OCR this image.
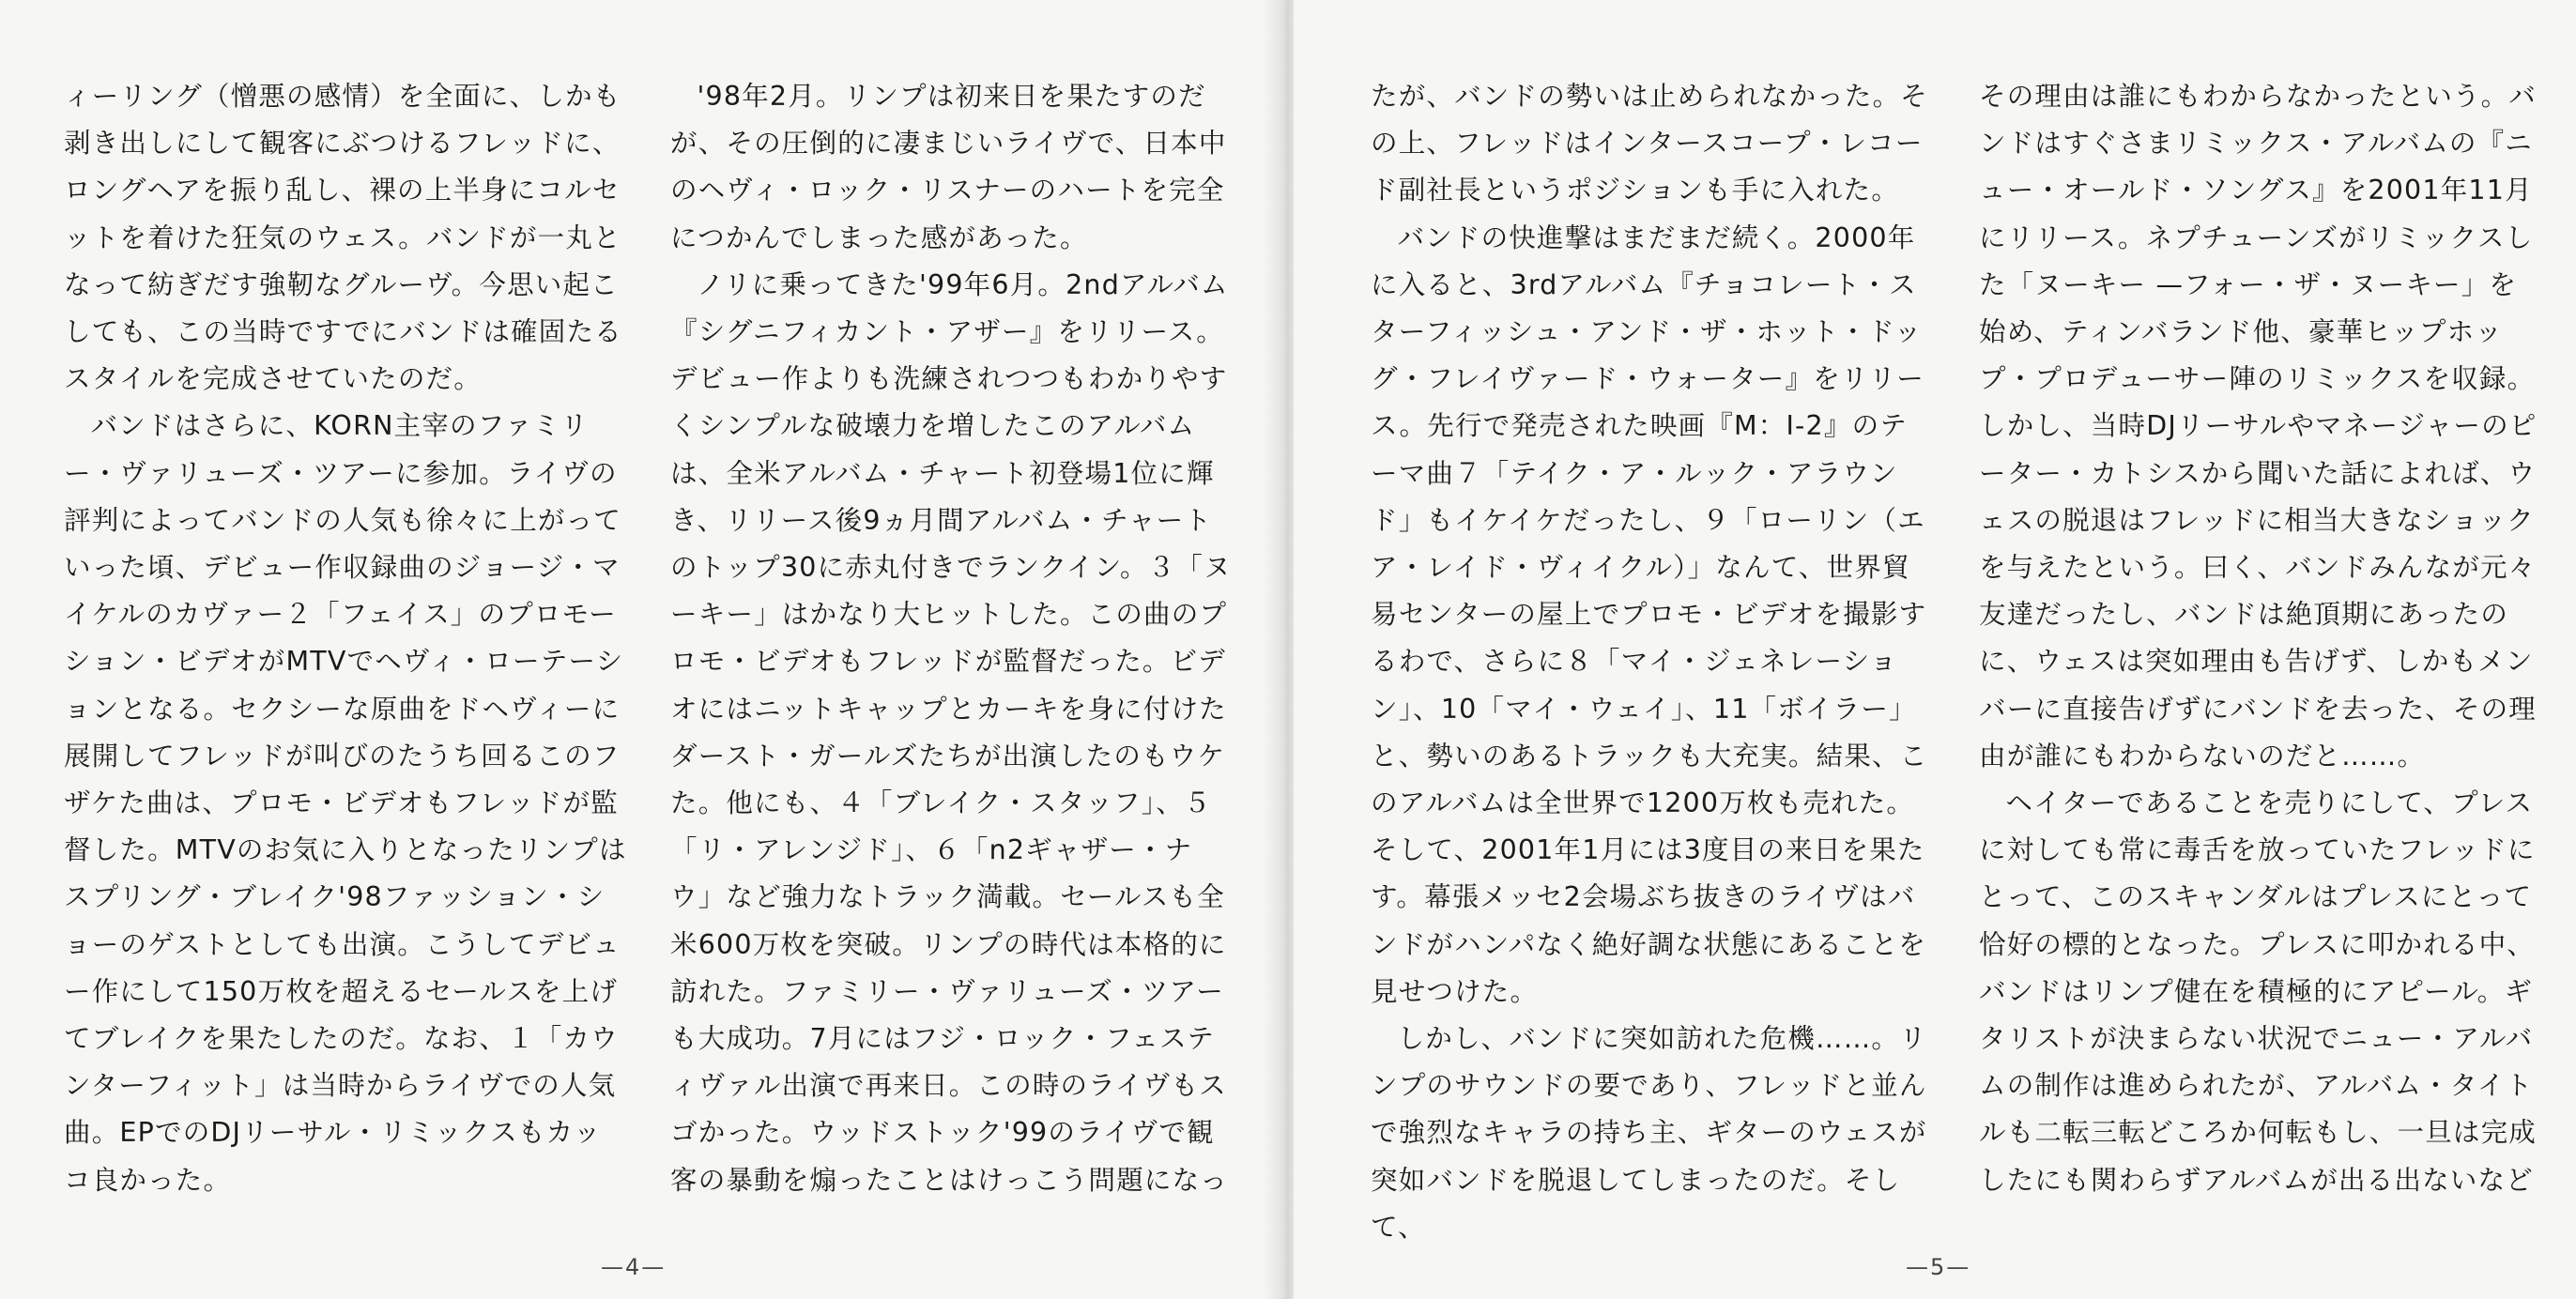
ィーリング（憎悪の感情）を全面に、しかも剥き出しにして観客にぶつけるフレッドに、ロングヘアを振り乱し、裸の上半身にコルセットを着けた狂気のウェス。バンドが一丸となって紡ぎだす強靭なグルーヴ。今思い起こしても、この当時ですでにバンドは確固たるスタイルを完成させていたのだ。

バンドはさらに、KORN主宰のファミリー・ヴァリューズ・ツアーに参加。ライヴの評判によってバンドの人気も徐々に上がっていった頃、デビュー作収録曲のジョージ・マイケルのカヴァー２「フェイス」のプロモーション・ビデオがMTVでヘヴィ・ローテーションとなる。セクシーな原曲をドヘヴィーに展開してフレッドが叫びのたうち回るこのフザケた曲は、プロモ・ビデオもフレッドが監督した。MTVのお気に入りとなったリンプはスプリング・ブレイク'98ファッション・ショーのゲストとしても出演。こうしてデビュー作にして150万枚を超えるセールスを上げてブレイクを果たしたのだ。なお、１「カウンターフィット」は当時からライヴでの人気曲。EPでのDJリーサル・リミックスもカッコ良かった。

'98年2月。リンプは初来日を果たすのだが、その圧倒的に凄まじいライヴで、日本中のヘヴィ・ロック・リスナーのハートを完全につかんでしまった感があった。

ノリに乗ってきた'99年6月。2ndアルバム『シグニフィカント・アザー』をリリース。デビュー作よりも洗練されつつもわかりやすくシンプルな破壊力を増したこのアルバムは、全米アルバム・チャート初登場1位に輝き、リリース後9ヵ月間アルバム・チャートのトップ30に赤丸付きでランクイン。３「ヌーキー」はかなり大ヒットした。この曲のプロモ・ビデオもフレッドが監督だった。ビデオにはニットキャップとカーキを身に付けたダースト・ガールズたちが出演したのもウケた。他にも、４「ブレイク・スタッフ」、５「リ・アレンジド」、６「n2ギャザー・ナウ」など強力なトラック満載。セールスも全米600万枚を突破。リンプの時代は本格的に訪れた。ファミリー・ヴァリューズ・ツアーも大成功。7月にはフジ・ロック・フェスティヴァル出演で再来日。この時のライヴもスゴかった。ウッドストック'99のライヴで観客の暴動を煽ったことはけっこう問題になっ

—4—

たが、バンドの勢いは止められなかった。その上、フレッドはインタースコープ・レコード副社長というポジションも手に入れた。

バンドの快進撃はまだまだ続く。2000年に入ると、3rdアルバム『チョコレート・スターフィッシュ・アンド・ザ・ホット・ドッグ・フレイヴァード・ウォーター』をリリース。先行で発売された映画『M：I-2』のテーマ曲７「テイク・ア・ルック・アラウンド」もイケイケだったし、９「ローリン（エア・レイド・ヴィイクル）」なんて、世界貿易センターの屋上でプロモ・ビデオを撮影するわで、さらに８「マイ・ジェネレーション」、10「マイ・ウェイ」、11「ボイラー」と、勢いのあるトラックも大充実。結果、このアルバムは全世界で1200万枚も売れた。そして、2001年1月には3度目の来日を果たす。幕張メッセ2会場ぶち抜きのライヴはバンドがハンパなく絶好調な状態にあることを見せつけた。

しかし、バンドに突如訪れた危機……。リンプのサウンドの要であり、フレッドと並んで強烈なキャラの持ち主、ギターのウェスが突如バンドを脱退してしまったのだ。そして、

その理由は誰にもわからなかったという。バンドはすぐさまリミックス・アルバムの『ニュー・オールド・ソングス』を2001年11月にリリース。ネプチューンズがリミックスした「ヌーキー —フォー・ザ・ヌーキー」を始め、ティンバランド他、豪華ヒップホップ・プロデューサー陣のリミックスを収録。しかし、当時DJリーサルやマネージャーのピーター・カトシスから聞いた話によれば、ウェスの脱退はフレッドに相当大きなショックを与えたという。曰く、バンドみんなが元々友達だったし、バンドは絶頂期にあったのに、ウェスは突如理由も告げず、しかもメンバーに直接告げずにバンドを去った、その理由が誰にもわからないのだと……。

ヘイターであることを売りにして、プレスに対しても常に毒舌を放っていたフレッドにとって、このスキャンダルはプレスにとって恰好の標的となった。プレスに叩かれる中、バンドはリンプ健在を積極的にアピール。ギタリストが決まらない状況でニュー・アルバムの制作は進められたが、アルバム・タイトルも二転三転どころか何転もし、一旦は完成したにも関わらずアルバムが出る出ないなど

—5—
